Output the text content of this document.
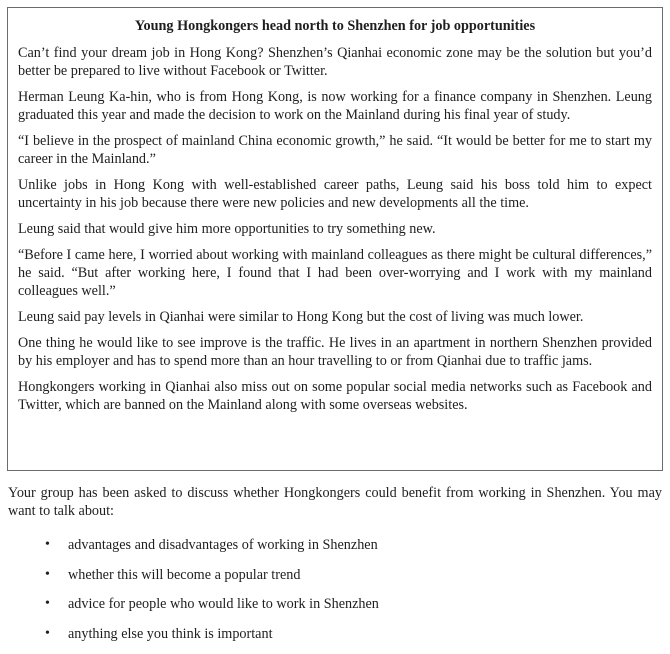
Young Hongkongers head north to Shenzhen for job opportunities

Can’t find your dream job in Hong Kong? Shenzhen’s Qianhai economic zone may be the solution but you’d better be prepared to live without Facebook or Twitter.

Herman Leung Ka-hin, who is from Hong Kong, is now working for a finance company in Shenzhen. Leung graduated this year and made the decision to work on the Mainland during his final year of study.

“I believe in the prospect of mainland China economic growth,” he said. “It would be better for me to start my career in the Mainland.”

Unlike jobs in Hong Kong with well-established career paths, Leung said his boss told him to expect uncertainty in his job because there were new policies and new developments all the time.

Leung said that would give him more opportunities to try something new.

“Before I came here, I worried about working with mainland colleagues as there might be cultural differences,” he said. “But after working here, I found that I had been over-worrying and I work with my mainland colleagues well.”

Leung said pay levels in Qianhai were similar to Hong Kong but the cost of living was much lower.

One thing he would like to see improve is the traffic. He lives in an apartment in northern Shenzhen provided by his employer and has to spend more than an hour travelling to or from Qianhai due to traffic jams.

Hongkongers working in Qianhai also miss out on some popular social media networks such as Facebook and Twitter, which are banned on the Mainland along with some overseas websites.

Your group has been asked to discuss whether Hongkongers could benefit from working in Shenzhen. You may want to talk about:

• advantages and disadvantages of working in Shenzhen
• whether this will become a popular trend
• advice for people who would like to work in Shenzhen
• anything else you think is important
